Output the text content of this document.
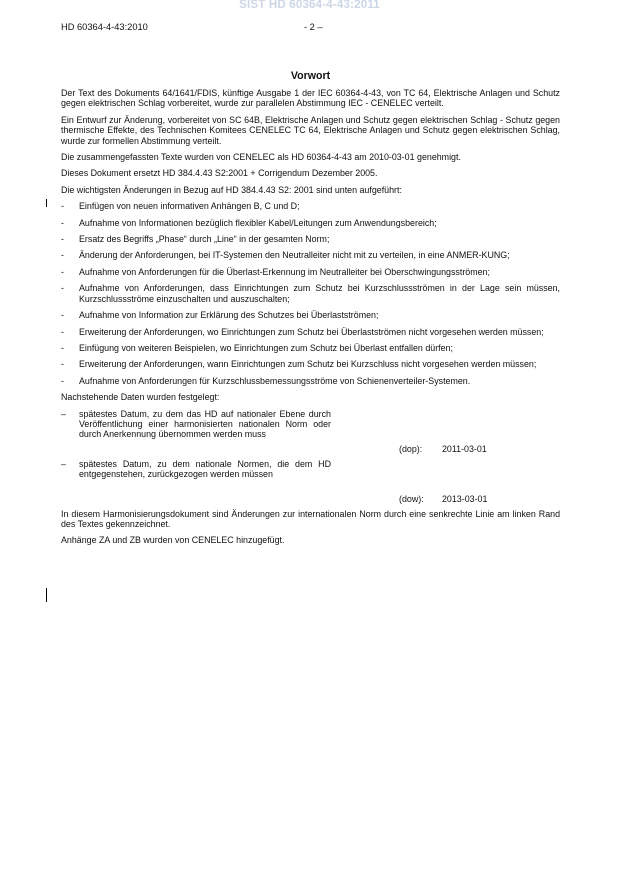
SIST HD 60364-4-43:2011
HD 60364-4-43:2010	- 2 –
Vorwort

Der Text des Dokuments 64/1641/FDIS, künftige Ausgabe 1 der IEC 60364-4-43, von TC 64, Elektrische Anlagen und Schutz gegen elektrischen Schlag vorbereitet, wurde zur parallelen Abstimmung IEC - CENELEC verteilt.

Ein Entwurf zur Änderung, vorbereitet von SC 64B, Elektrische Anlagen und Schutz gegen elektrischen Schlag - Schutz gegen thermische Effekte, des Technischen Komitees CENELEC TC 64, Elektrische Anlagen und Schutz gegen elektrischen Schlag, wurde zur formellen Abstimmung verteilt.

Die zusammengefassten Texte wurden von CENELEC als HD 60364-4-43 am 2010-03-01 genehmigt.

Dieses Dokument ersetzt HD 384.4.43 S2:2001 + Corrigendum Dezember 2005.

Die wichtigsten Änderungen in Bezug auf HD 384.4.43 S2: 2001 sind unten aufgeführt:

- Einfügen von neuen informativen Anhängen B, C und D;
- Aufnahme von Informationen bezüglich flexibler Kabel/Leitungen zum Anwendungsbereich;
- Ersatz des Begriffs „Phase“ durch „Line“ in der gesamten Norm;
- Änderung der Anforderungen, bei IT-Systemen den Neutralleiter nicht mit zu verteilen, in eine ANMER-KUNG;
- Aufnahme von Anforderungen für die Überlast-Erkennung im Neutralleiter bei Oberschwingungsströmen;
- Aufnahme von Anforderungen, dass Einrichtungen zum Schutz bei Kurzschlussströmen in der Lage sein müssen, Kurzschlussströme einzuschalten und auszuschalten;
- Aufnahme von Information zur Erklärung des Schutzes bei Überlastströmen;
- Erweiterung der Anforderungen, wo Einrichtungen zum Schutz bei Überlastströmen nicht vorgesehen werden müssen;
- Einfügung von weiteren Beispielen, wo Einrichtungen zum Schutz bei Überlast entfallen dürfen;
- Erweiterung der Anforderungen, wann Einrichtungen zum Schutz bei Kurzschluss nicht vorgesehen werden müssen;
- Aufnahme von Anforderungen für Kurzschlussbemessungsströme von Schienenverteiler-Systemen.

Nachstehende Daten wurden festgelegt:

– spätestes Datum, zu dem das HD auf nationaler Ebene durch Veröffentlichung einer harmonisierten nationalen Norm oder durch Anerkennung übernommen werden muss
(dop): 2011-03-01
– spätestes Datum, zu dem nationale Normen, die dem HD entgegenstehen, zurückgezogen werden müssen
(dow): 2013-03-01

In diesem Harmonisierungsdokument sind Änderungen zur internationalen Norm durch eine senkrechte Linie am linken Rand des Textes gekennzeichnet.

Anhänge ZA und ZB wurden von CENELEC hinzugefügt.
